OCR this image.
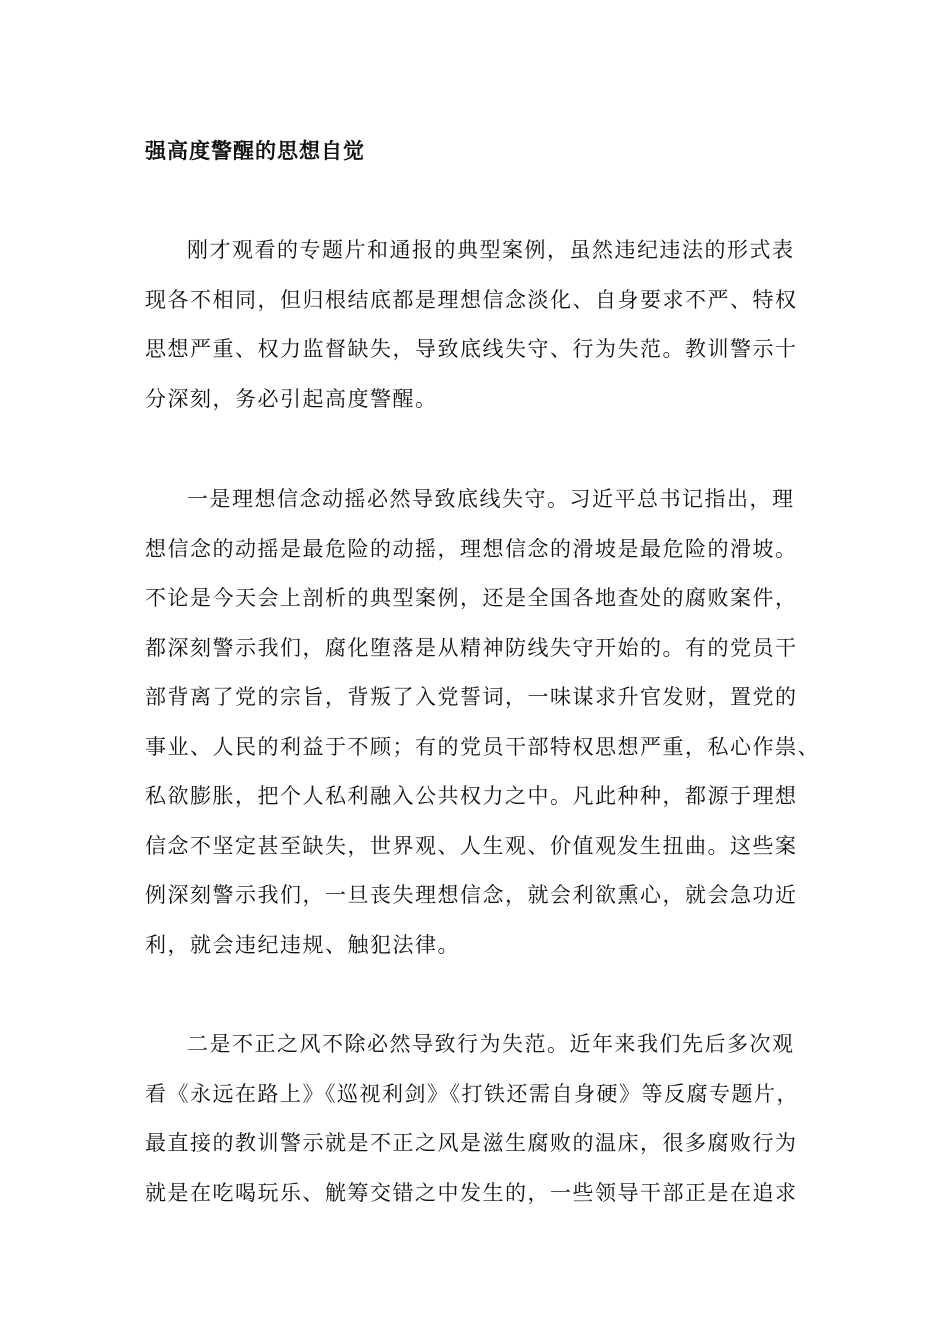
强高度警醒的思想自觉
刚才观看的专题片和通报的典型案例，虽然违纪违法的形式表
现各不相同，但归根结底都是理想信念淡化、自身要求不严、特权
思想严重、权力监督缺失，导致底线失守、行为失范。教训警示十
分深刻，务必引起高度警醒。
一是理想信念动摇必然导致底线失守。习近平总书记指出，理
想信念的动摇是最危险的动摇，理想信念的滑坡是最危险的滑坡。
不论是今天会上剖析的典型案例，还是全国各地查处的腐败案件，
都深刻警示我们，腐化堕落是从精神防线失守开始的。有的党员干
部背离了党的宗旨，背叛了入党誓词，一味谋求升官发财，置党的
事业、人民的利益于不顾；有的党员干部特权思想严重，私心作祟、
私欲膨胀，把个人私利融入公共权力之中。凡此种种，都源于理想
信念不坚定甚至缺失，世界观、人生观、价值观发生扭曲。这些案
例深刻警示我们，一旦丧失理想信念，就会利欲熏心，就会急功近
利，就会违纪违规、触犯法律。
二是不正之风不除必然导致行为失范。近年来我们先后多次观
看《永远在路上》《巡视利剑》《打铁还需自身硬》等反腐专题片，
最直接的教训警示就是不正之风是滋生腐败的温床，很多腐败行为
就是在吃喝玩乐、觥筹交错之中发生的，一些领导干部正是在追求
